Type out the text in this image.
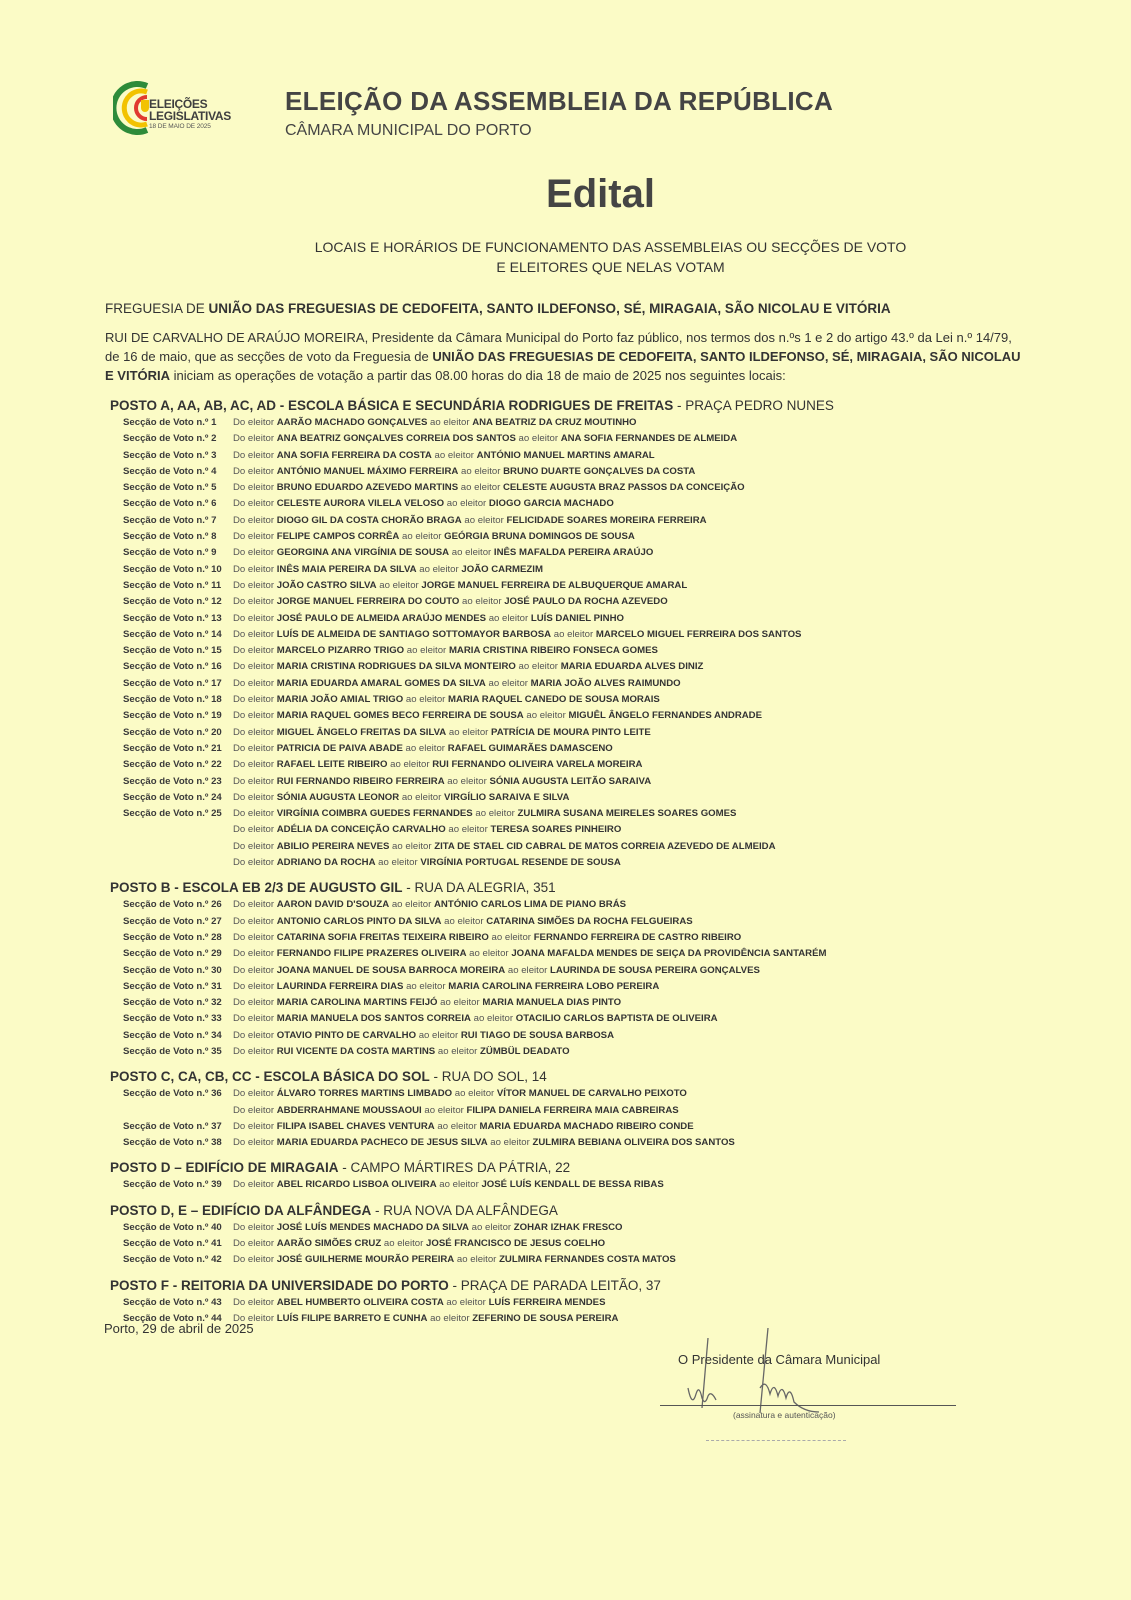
ELEIÇÕES
LEGISLATIVAS
18 DE MAIO DE 2025
ELEIÇÃO DA ASSEMBLEIA DA REPÚBLICA
CÂMARA MUNICIPAL DO PORTO
Edital
LOCAIS E HORÁRIOS DE FUNCIONAMENTO DAS ASSEMBLEIAS OU SECÇÕES DE VOTO
E ELEITORES QUE NELAS VOTAM
FREGUESIA DE UNIÃO DAS FREGUESIAS DE CEDOFEITA, SANTO ILDEFONSO, SÉ, MIRAGAIA, SÃO NICOLAU E VITÓRIA
RUI DE CARVALHO DE ARAÚJO MOREIRA, Presidente da Câmara Municipal do Porto faz público, nos termos dos n.ºs 1 e 2 do artigo 43.º da Lei n.º 14/79, de 16 de maio, que as secções de voto da Freguesia de UNIÃO DAS FREGUESIAS DE CEDOFEITA, SANTO ILDEFONSO, SÉ, MIRAGAIA, SÃO NICOLAU E VITÓRIA iniciam as operações de votação a partir das 08.00 horas do dia 18 de maio de 2025 nos seguintes locais:
POSTO A, AA, AB, AC, AD - ESCOLA BÁSICA E SECUNDÁRIA RODRIGUES DE FREITAS - PRAÇA PEDRO NUNES
Secção de Voto n.º 1	Do eleitor AARÃO MACHADO GONÇALVES ao eleitor ANA BEATRIZ DA CRUZ MOUTINHO
Secção de Voto n.º 2	Do eleitor ANA BEATRIZ GONÇALVES CORREIA DOS SANTOS ao eleitor ANA SOFIA FERNANDES DE ALMEIDA
Secção de Voto n.º 3	Do eleitor ANA SOFIA FERREIRA DA COSTA ao eleitor ANTÓNIO MANUEL MARTINS AMARAL
Secção de Voto n.º 4	Do eleitor ANTÓNIO MANUEL MÁXIMO FERREIRA ao eleitor BRUNO DUARTE GONÇALVES DA COSTA
Secção de Voto n.º 5	Do eleitor BRUNO EDUARDO AZEVEDO MARTINS ao eleitor CELESTE AUGUSTA BRAZ PASSOS DA CONCEIÇÃO
Secção de Voto n.º 6	Do eleitor CELESTE AURORA VILELA VELOSO ao eleitor DIOGO GARCIA MACHADO
Secção de Voto n.º 7	Do eleitor DIOGO GIL DA COSTA CHORÃO BRAGA ao eleitor FELICIDADE SOARES MOREIRA FERREIRA
Secção de Voto n.º 8	Do eleitor FELIPE CAMPOS CORRÊA ao eleitor GEÓRGIA BRUNA DOMINGOS DE SOUSA
Secção de Voto n.º 9	Do eleitor GEORGINA ANA VIRGÍNIA DE SOUSA ao eleitor INÊS MAFALDA PEREIRA ARAÚJO
Secção de Voto n.º 10	Do eleitor INÊS MAIA PEREIRA DA SILVA ao eleitor JOÃO CARMEZIM
Secção de Voto n.º 11	Do eleitor JOÃO CASTRO SILVA ao eleitor JORGE MANUEL FERREIRA DE ALBUQUERQUE AMARAL
Secção de Voto n.º 12	Do eleitor JORGE MANUEL FERREIRA DO COUTO ao eleitor JOSÉ PAULO DA ROCHA AZEVEDO
Secção de Voto n.º 13	Do eleitor JOSÉ PAULO DE ALMEIDA ARAÚJO MENDES ao eleitor LUÍS DANIEL PINHO
Secção de Voto n.º 14	Do eleitor LUÍS DE ALMEIDA DE SANTIAGO SOTTOMAYOR BARBOSA ao eleitor MARCELO MIGUEL FERREIRA DOS SANTOS
Secção de Voto n.º 15	Do eleitor MARCELO PIZARRO TRIGO ao eleitor MARIA CRISTINA RIBEIRO FONSECA GOMES
Secção de Voto n.º 16	Do eleitor MARIA CRISTINA RODRIGUES DA SILVA MONTEIRO ao eleitor MARIA EDUARDA ALVES DINIZ
Secção de Voto n.º 17	Do eleitor MARIA EDUARDA AMARAL GOMES DA SILVA ao eleitor MARIA JOÃO ALVES RAIMUNDO
Secção de Voto n.º 18	Do eleitor MARIA JOÃO AMIAL TRIGO ao eleitor MARIA RAQUEL CANEDO DE SOUSA MORAIS
Secção de Voto n.º 19	Do eleitor MARIA RAQUEL GOMES BECO FERREIRA DE SOUSA ao eleitor MIGUÊL ÂNGELO FERNANDES ANDRADE
Secção de Voto n.º 20	Do eleitor MIGUEL ÂNGELO FREITAS DA SILVA ao eleitor PATRÍCIA DE MOURA PINTO LEITE
Secção de Voto n.º 21	Do eleitor PATRICIA DE PAIVA ABADE ao eleitor RAFAEL GUIMARÃES DAMASCENO
Secção de Voto n.º 22	Do eleitor RAFAEL LEITE RIBEIRO ao eleitor RUI FERNANDO OLIVEIRA VARELA MOREIRA
Secção de Voto n.º 23	Do eleitor RUI FERNANDO RIBEIRO FERREIRA ao eleitor SÓNIA AUGUSTA LEITÃO SARAIVA
Secção de Voto n.º 24	Do eleitor SÓNIA AUGUSTA LEONOR ao eleitor VIRGÍLIO SARAIVA E SILVA
Secção de Voto n.º 25	Do eleitor VIRGÍNIA COIMBRA GUEDES FERNANDES ao eleitor ZULMIRA SUSANA MEIRELES SOARES GOMES
Do eleitor ADÉLIA DA CONCEIÇÃO CARVALHO ao eleitor TERESA SOARES PINHEIRO
Do eleitor ABILIO PEREIRA NEVES ao eleitor ZITA DE STAEL CID CABRAL DE MATOS CORREIA AZEVEDO DE ALMEIDA
Do eleitor ADRIANO DA ROCHA ao eleitor VIRGÍNIA PORTUGAL RESENDE DE SOUSA
POSTO B - ESCOLA EB 2/3 DE AUGUSTO GIL - RUA DA ALEGRIA, 351
Secção de Voto n.º 26	Do eleitor AARON DAVID D'SOUZA ao eleitor ANTÓNIO CARLOS LIMA DE PIANO BRÁS
Secção de Voto n.º 27	Do eleitor ANTONIO CARLOS PINTO DA SILVA ao eleitor CATARINA SIMÕES DA ROCHA FELGUEIRAS
Secção de Voto n.º 28	Do eleitor CATARINA SOFIA FREITAS TEIXEIRA RIBEIRO ao eleitor FERNANDO FERREIRA DE CASTRO RIBEIRO
Secção de Voto n.º 29	Do eleitor FERNANDO FILIPE PRAZERES OLIVEIRA ao eleitor JOANA MAFALDA MENDES DE SEIÇA DA PROVIDÊNCIA SANTARÉM
Secção de Voto n.º 30	Do eleitor JOANA MANUEL DE SOUSA BARROCA MOREIRA ao eleitor LAURINDA DE SOUSA PEREIRA GONÇALVES
Secção de Voto n.º 31	Do eleitor LAURINDA FERREIRA DIAS ao eleitor MARIA CAROLINA FERREIRA LOBO PEREIRA
Secção de Voto n.º 32	Do eleitor MARIA CAROLINA MARTINS FEIJÓ ao eleitor MARIA MANUELA DIAS PINTO
Secção de Voto n.º 33	Do eleitor MARIA MANUELA DOS SANTOS CORREIA ao eleitor OTACILIO CARLOS BAPTISTA DE OLIVEIRA
Secção de Voto n.º 34	Do eleitor OTAVIO PINTO DE CARVALHO ao eleitor RUI TIAGO DE SOUSA BARBOSA
Secção de Voto n.º 35	Do eleitor RUI VICENTE DA COSTA MARTINS ao eleitor ZÜMBÜL DEADATO
POSTO C, CA, CB, CC - ESCOLA BÁSICA DO SOL - RUA DO SOL, 14
Secção de Voto n.º 36	Do eleitor ÁLVARO TORRES MARTINS LIMBADO ao eleitor VÍTOR MANUEL DE CARVALHO PEIXOTO
Do eleitor ABDERRAHMANE MOUSSAOUI ao eleitor FILIPA DANIELA FERREIRA MAIA CABREIRAS
Secção de Voto n.º 37	Do eleitor FILIPA ISABEL CHAVES VENTURA ao eleitor MARIA EDUARDA MACHADO RIBEIRO CONDE
Secção de Voto n.º 38	Do eleitor MARIA EDUARDA PACHECO DE JESUS SILVA ao eleitor ZULMIRA BEBIANA OLIVEIRA DOS SANTOS
POSTO D – EDIFÍCIO DE MIRAGAIA - CAMPO MÁRTIRES DA PÁTRIA, 22
Secção de Voto n.º 39	Do eleitor ABEL RICARDO LISBOA OLIVEIRA ao eleitor JOSÉ LUÍS KENDALL DE BESSA RIBAS
POSTO D, E – EDIFÍCIO DA ALFÂNDEGA - RUA NOVA DA ALFÂNDEGA
Secção de Voto n.º 40	Do eleitor JOSÉ LUÍS MENDES MACHADO DA SILVA ao eleitor ZOHAR IZHAK FRESCO
Secção de Voto n.º 41	Do eleitor AARÃO SIMÕES CRUZ ao eleitor JOSÉ FRANCISCO DE JESUS COELHO
Secção de Voto n.º 42	Do eleitor JOSÉ GUILHERME MOURÃO PEREIRA ao eleitor ZULMIRA FERNANDES COSTA MATOS
POSTO F - REITORIA DA UNIVERSIDADE DO PORTO - PRAÇA DE PARADA LEITÃO, 37
Secção de Voto n.º 43	Do eleitor ABEL HUMBERTO OLIVEIRA COSTA ao eleitor LUÍS FERREIRA MENDES
Secção de Voto n.º 44	Do eleitor LUÍS FILIPE BARRETO E CUNHA ao eleitor ZEFERINO DE SOUSA PEREIRA
Porto, 29 de abril de 2025
O Presidente da Câmara Municipal
(assinatura e autenticação)
